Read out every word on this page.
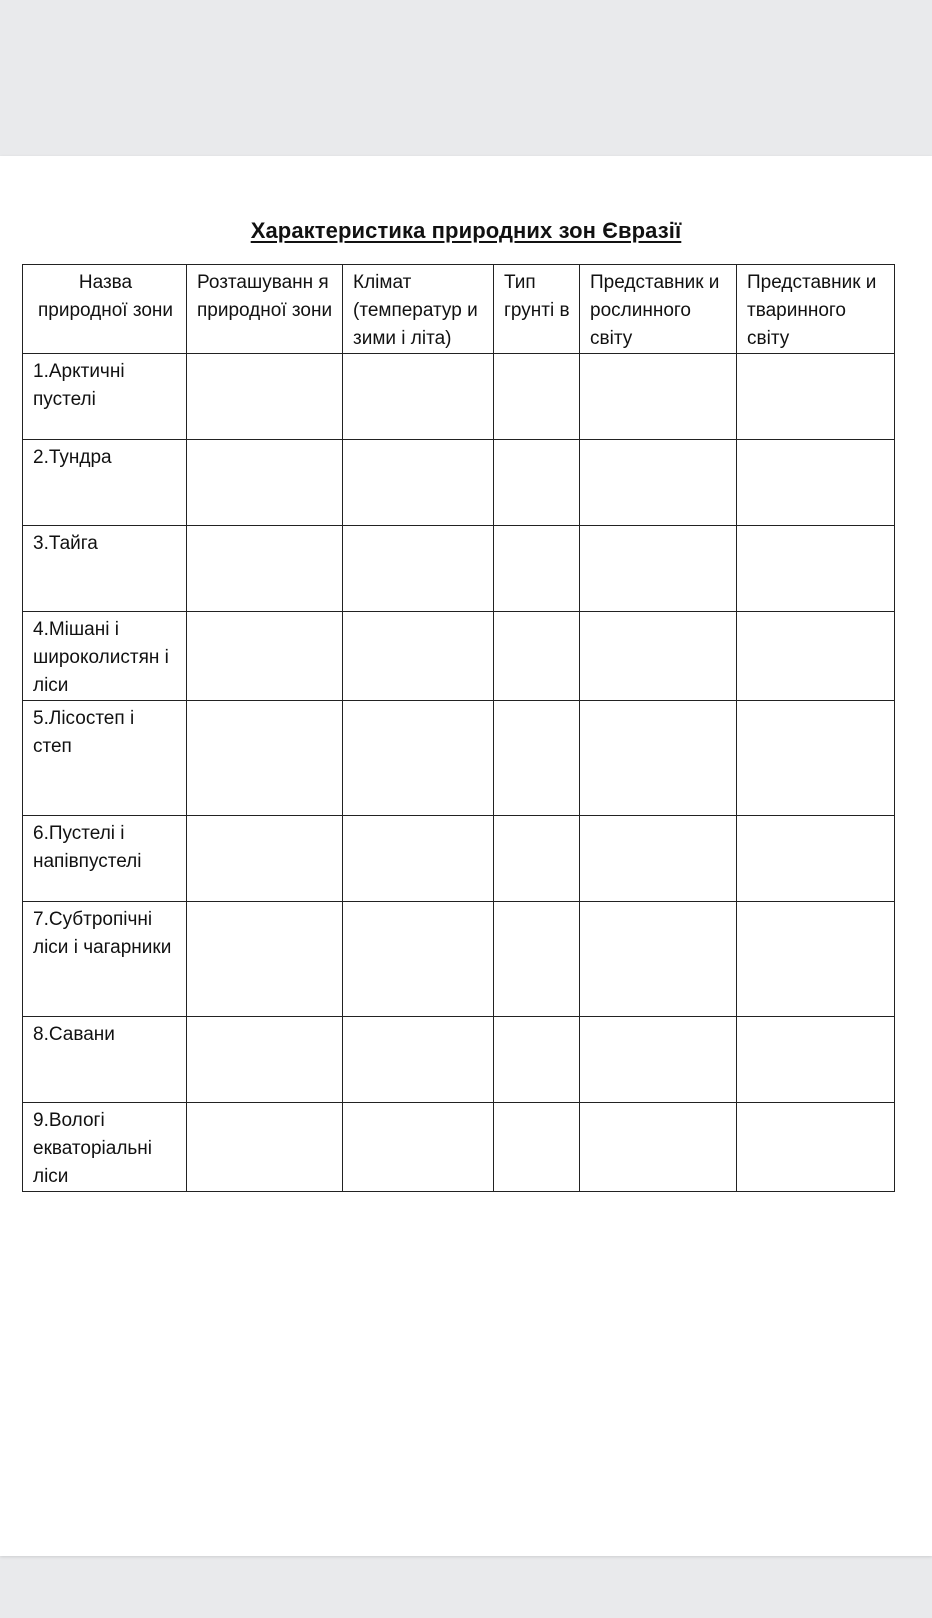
Характеристика природних зон Євразії
Назва природної зони	Розташуванн я природної зони	Клімат (температур и зими і літа)	Тип грунті в	Представник и рослинного світу	Представник и тваринного світу
1.Арктичні пустелі					
2.Тундра					
3.Тайга					
4.Мішані і широколистян і ліси					
5.Лісостеп і степ					
6.Пустелі і напівпустелі					
7.Субтропічні ліси і чагарники					
8.Савани					
9.Вологі екваторіальні ліси					
